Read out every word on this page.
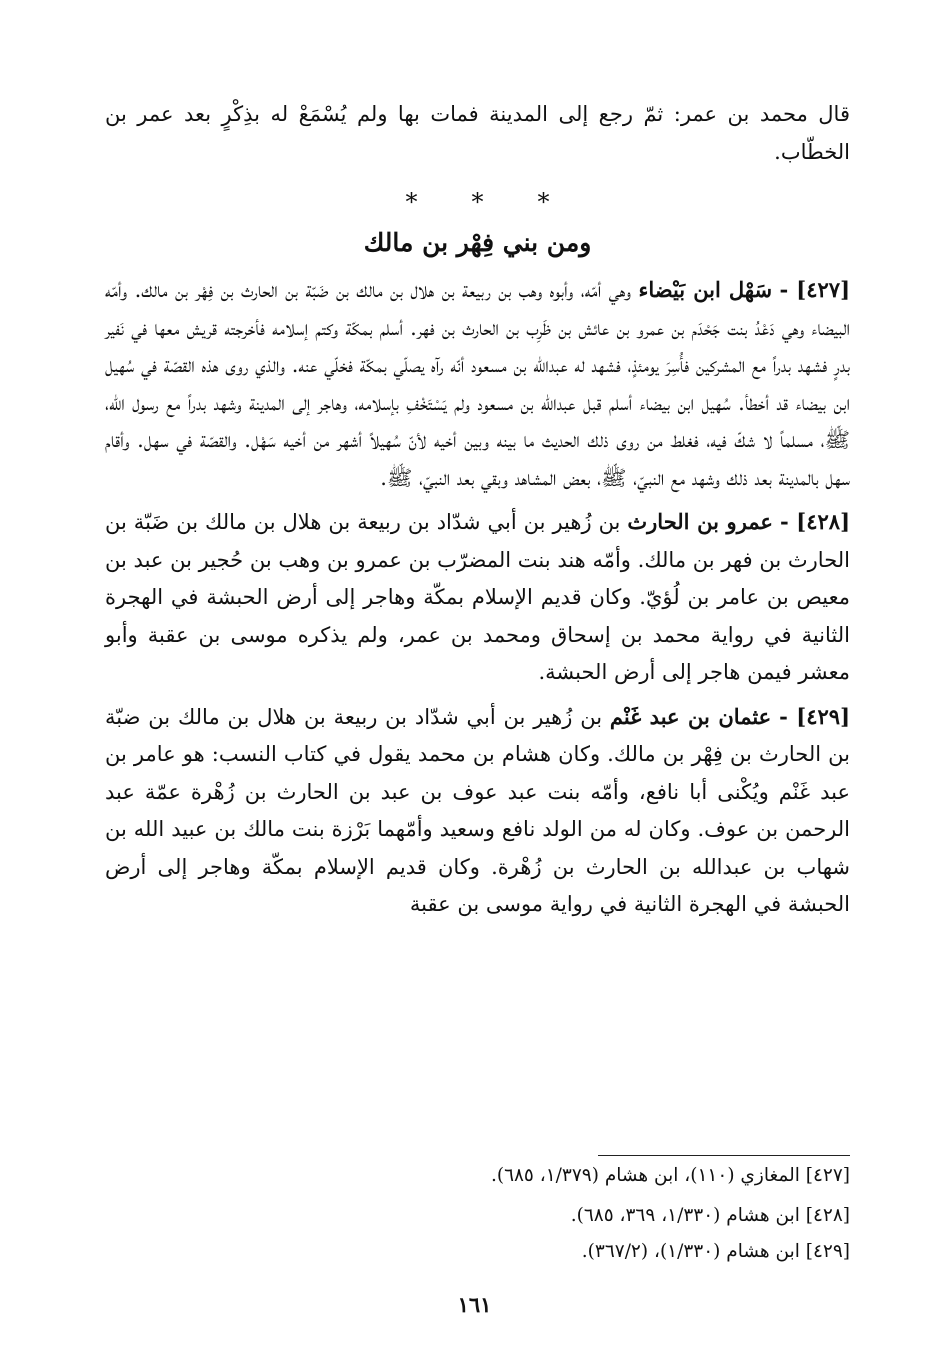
قال محمد بن عمر: ثمّ رجع إلى المدينة فمات بها ولم يُسْمَعْ له بذِكْرٍ بعد عمر بن الخطّاب.

***
ومن بني فِهْر بن مالك

[٤٢٧] - سَهْل ابن بَيْضاء وهي أمّه، وأبوه وهب بن ربيعة بن هلال بن مالك بن ضَبّة بن الحارث بن فِهْر بن مالك. وأمّه البيضاء وهي دَعْدُ بنت جَحْدَم بن عمرو بن عائش بن ظَرِب بن الحارث بن فهر. أسلم بمكّة وكتم إسلامه فأخرجته قريش معها في نَفير بدرٍ فشهد بدراً مع المشركين فأُسِرَ يومئذٍ، فشهد له عبدالله بن مسعود أنّه رآه يصلّي بمكّة فخلّي عنه. والذي روى هذه القصّة في سُهيل ابن بيضاء قد أخطأ. سُهيل ابن بيضاء أسلم قبل عبدالله بن مسعود ولم يَسْتَخْفِ بإسلامه، وهاجر إلى المدينة وشهد بدراً مع رسول الله، ﷺ، مسلماً لا شكّ فيه، فغلط من روى ذلك الحديث ما بينه وبين أخيه لأنّ سُهيلاً أشهر من أخيه سَهْل. والقصّة في سهل. وأقام سهل بالمدينة بعد ذلك وشهد مع النبيّ، ﷺ، بعض المشاهد وبقي بعد النبيّ، ﷺ.

[٤٢٨] - عمرو بن الحارث بن زُهير بن أبي شدّاد بن ربيعة بن هلال بن مالك بن ضَبّة بن الحارث بن فهر بن مالك. وأمّه هند بنت المضرّب بن عمرو بن وهب بن حُجير بن عبد بن معيص بن عامر بن لُؤيّ. وكان قديم الإسلام بمكّة وهاجر إلى أرض الحبشة في الهجرة الثانية في رواية محمد بن إسحاق ومحمد بن عمر، ولم يذكره موسى بن عقبة وأبو معشر فيمن هاجر إلى أرض الحبشة.

[٤٢٩] - عثمان بن عبد غَنْم بن زُهير بن أبي شدّاد بن ربيعة بن هلال بن مالك بن ضبّة بن الحارث بن فِهْر بن مالك. وكان هشام بن محمد يقول في كتاب النسب: هو عامر بن عبد غَنْم ويُكْنى أبا نافع، وأمّه بنت عبد عوف بن عبد بن الحارث بن زُهْرة عمّة عبد الرحمن بن عوف. وكان له من الولد نافع وسعيد وأمّهما بَرْزة بنت مالك بن عبيد الله بن شهاب بن عبدالله بن الحارث بن زُهْرة. وكان قديم الإسلام بمكّة وهاجر إلى أرض الحبشة في الهجرة الثانية في رواية موسى بن عقبة

[٤٢٧] المغازي (١١٠)، ابن هشام (١/٣٧٩، ٦٨٥).
[٤٢٨] ابن هشام (١/٣٣٠، ٣٦٩، ٦٨٥).
[٤٢٩] ابن هشام (١/٣٣٠)، (٣٦٧/٢).
١٦١
